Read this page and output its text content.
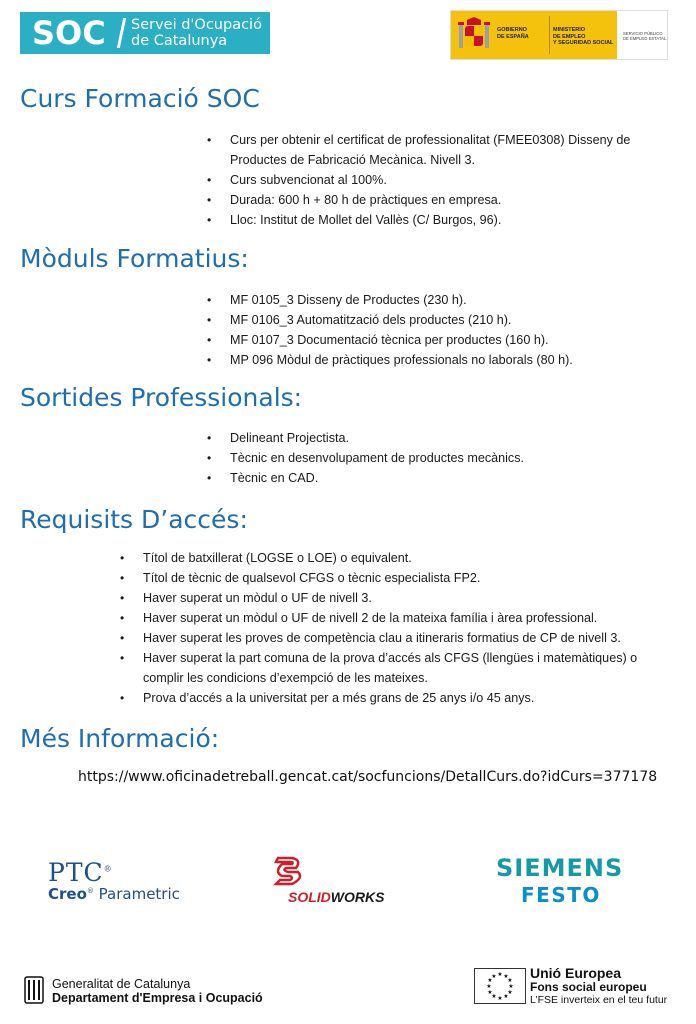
SOC	Servei d'Ocupació
de Catalunya
GOBIERNO
DE ESPAÑA
MINISTERIO
DE EMPLEO
Y SEGURIDAD SOCIAL
SERVICIO PÚBLICO
DE EMPLEO ESTATAL
Curs Formació SOC
• Curs per obtenir el certificat de professionalitat (FMEE0308) Disseny de Productes de Fabricació Mecànica. Nivell 3.
• Curs subvencionat al 100%.
• Durada: 600 h + 80 h de pràctiques en empresa.
• Lloc: Institut de Mollet del Vallès (C/ Burgos, 96).
Mòduls Formatius:
• MF 0105_3 Disseny de Productes (230 h).
• MF 0106_3 Automatització dels productes (210 h).
• MF 0107_3 Documentació tècnica per productes (160 h).
• MP 096 Mòdul de pràctiques professionals no laborals (80 h).
Sortides Professionals:
• Delineant Projectista.
• Tècnic en desenvolupament de productes mecànics.
• Tècnic en CAD.
Requisits D’accés:
• Títol de batxillerat (LOGSE o LOE) o equivalent.
• Títol de tècnic de qualsevol CFGS o tècnic especialista FP2.
• Haver superat un mòdul o UF de nivell 3.
• Haver superat un mòdul o UF de nivell 2 de la mateixa família i àrea professional.
• Haver superat les proves de competència clau a itineraris formatius de CP de nivell 3.
• Haver superat la part comuna de la prova d’accés als CFGS (llengües i matemàtiques) o complir les condicions d’exempció de les mateixes.
• Prova d’accés a la universitat per a més grans de 25 anys i/o 45 anys.
Més Informació:
https://www.oficinadetreball.gencat.cat/socfuncions/DetallCurs.do?idCurs=377178
PTC®
Creo® Parametric	SOLIDWORKS
SIEMENS
FESTO
Generalitat de Catalunya
Departament d'Empresa i Ocupació
★ ★
★
★
★
★
★
★
★
★
★
★ Unió Europea
Fons social europeu
L’FSE inverteix en el teu futur
